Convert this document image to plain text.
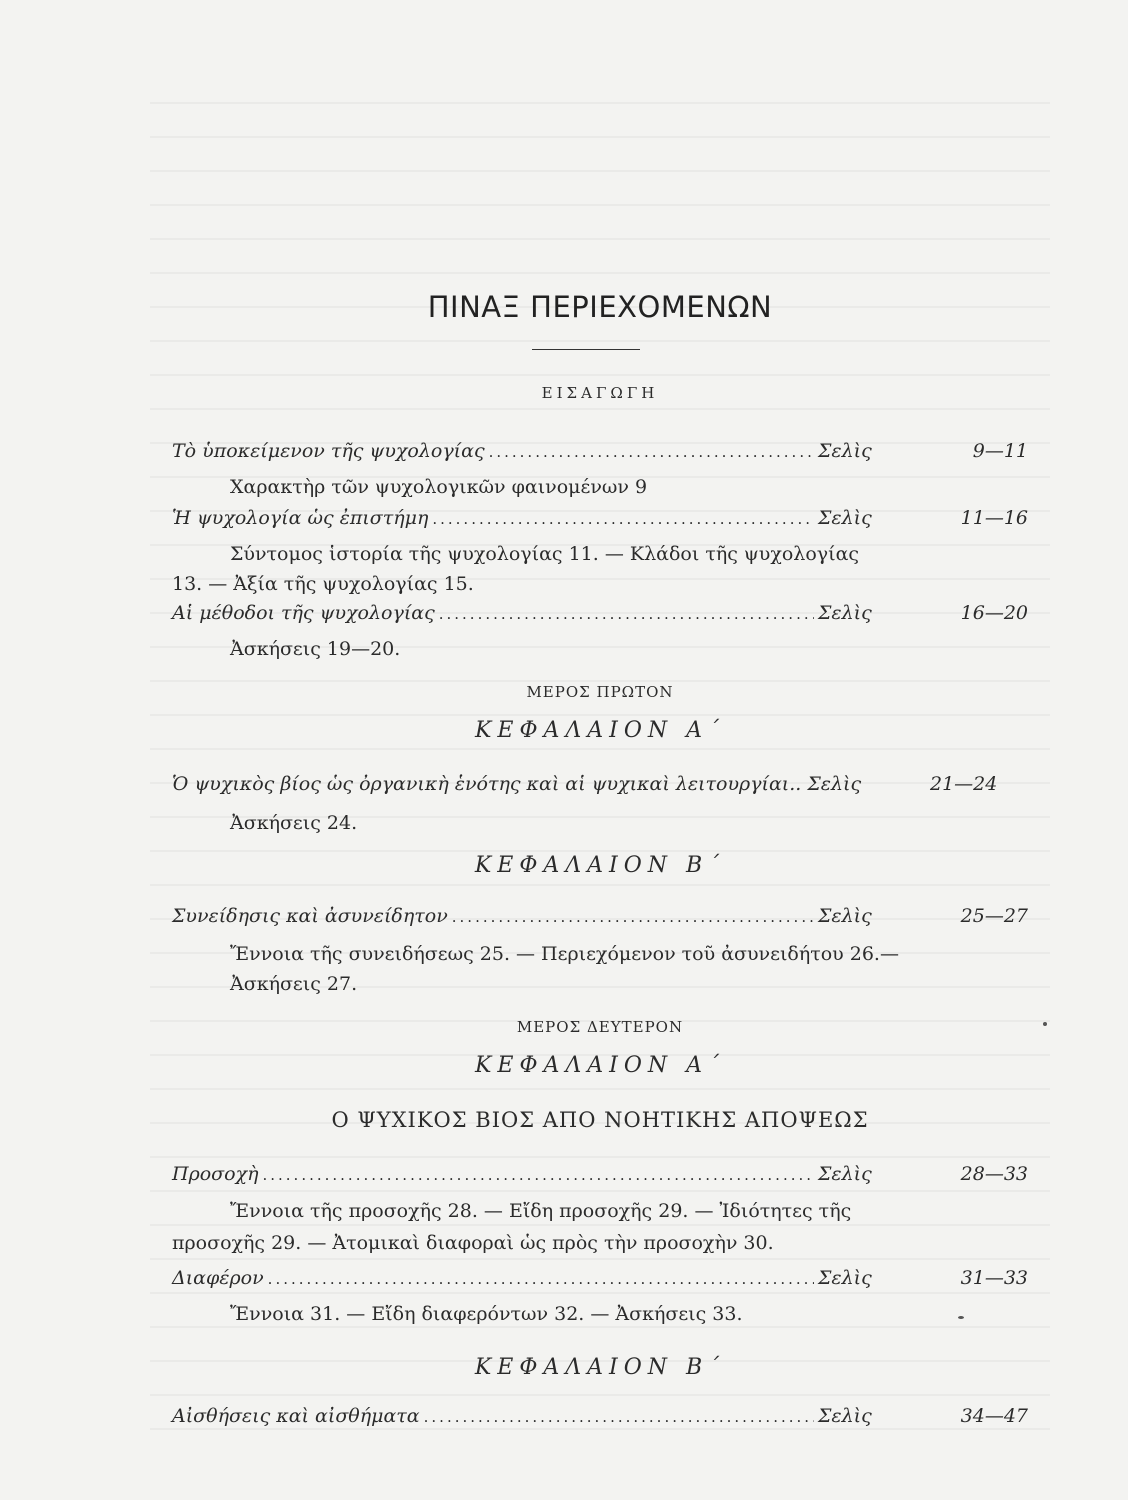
ΠΙΝΑΞ ΠΕΡΙΕΧΟΜΕΝΩΝ
ΕΙΣΑΓΩΓΗ
Τὸ ὑποκείμενον τῆς ψυχολογίας .....	Σελὶς	9—11
Χαρακτὴρ τῶν ψυχολογικῶν φαινομένων 9
Ἡ ψυχολογία ὡς ἐπιστήμη .....	Σελὶς	11—16
Σύντομος ἱστορία τῆς ψυχολογίας 11. — Κλάδοι τῆς ψυχολογίας
13. — Ἀξία τῆς ψυχολογίας 15.
Αἱ μέθοδοι τῆς ψυχολογίας .....	Σελὶς	16—20
Ἀσκήσεις 19—20.
ΜΕΡΟΣ ΠΡΩΤΟΝ
ΚΕΦΑΛΑΙΟΝ Α΄
Ὁ ψυχικὸς βίος ὡς ὀργανικὴ ἑνότης καὶ αἱ ψυχικαὶ λειτουργίαι.. Σελὶς	21—24
Ἀσκήσεις 24.
ΚΕΦΑΛΑΙΟΝ Β΄
Συνείδησις καὶ ἀσυνείδητον .....	Σελὶς	25—27
Ἔννοια τῆς συνειδήσεως 25. — Περιεχόμενον τοῦ ἀσυνειδήτου 26.—
Ἀσκήσεις 27.
ΜΕΡΟΣ ΔΕΥΤΕΡΟΝ
ΚΕΦΑΛΑΙΟΝ Α΄
Ο ΨΥΧΙΚΟΣ ΒΙΟΣ ΑΠΟ ΝΟΗΤΙΚΗΣ ΑΠΟΨΕΩΣ
Προσοχὴ .....	Σελὶς	28—33
Ἔννοια τῆς προσοχῆς 28. — Εἴδη προσοχῆς 29. — Ἰδιότητες τῆς
προσοχῆς 29. — Ἀτομικαὶ διαφοραὶ ὡς πρὸς τὴν προσοχὴν 30.
Διαφέρον .....	Σελὶς	31—33
Ἔννοια 31. — Εἴδη διαφερόντων 32. — Ἀσκήσεις 33.
ΚΕΦΑΛΑΙΟΝ Β΄
Αἰσθήσεις καὶ αἰσθήματα .....	Σελὶς	34—47
